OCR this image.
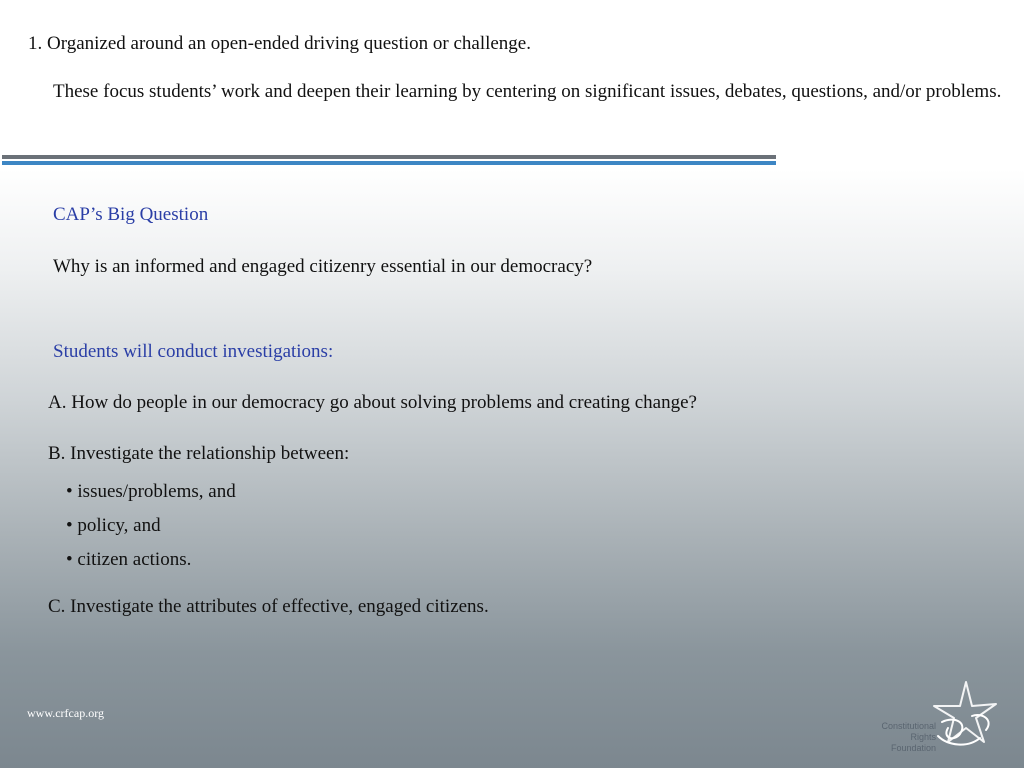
1. Organized around an open-ended driving question or challenge.
These focus students’ work and deepen their learning by centering on significant issues, debates, questions, and/or problems.
CAP’s Big Question
Why is an informed and engaged citizenry essential in our democracy?
Students will conduct investigations:
A. How do people in our democracy go about solving problems and creating change?
B. Investigate the relationship between:
• issues/problems, and
• policy, and
• citizen actions.
C. Investigate the attributes of effective, engaged citizens.
www.crfcap.org
Constitutional
Rights
Foundation
